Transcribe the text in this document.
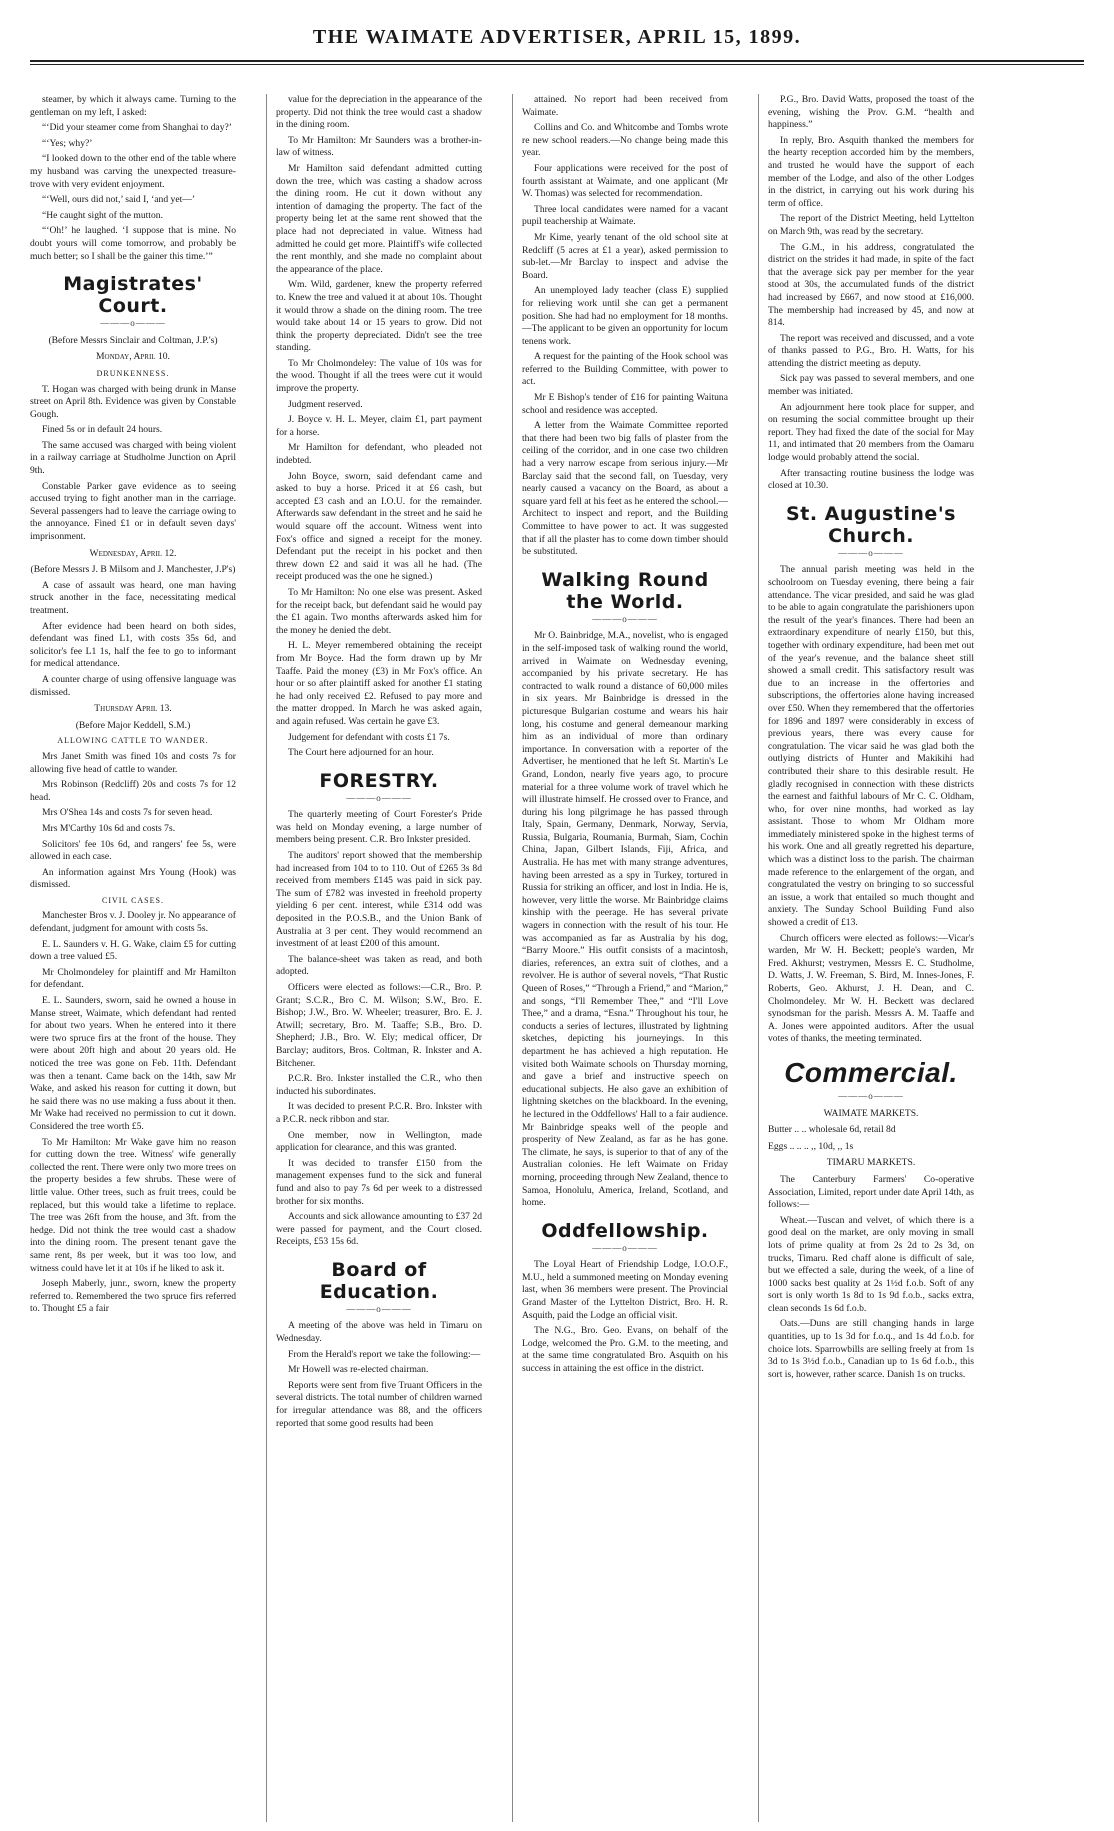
THE WAIMATE ADVERTISER, APRIL 15, 1899.

steamer, by which it always came. Turning to the gentleman on my left, I asked:

“‘Did your steamer come from Shanghai to day?’

“‘Yes; why?’

“I looked down to the other end of the table where my husband was carving the unexpected treasure-trove with very evident enjoyment.

“‘Well, ours did not,’ said I, ‘and yet—’

“He caught sight of the mutton.

“‘Oh!’ he laughed. ‘I suppose that is mine. No doubt yours will come tomorrow, and probably be much better; so I shall be the gainer this time.’”

Magistrates' Court.
———o———

(Before Messrs Sinclair and Coltman, J.P.'s)

Monday, April 10.

DRUNKENNESS.

T. Hogan was charged with being drunk in Manse street on April 8th. Evidence was given by Constable Gough.

Fined 5s or in default 24 hours.

The same accused was charged with being violent in a railway carriage at Studholme Junction on April 9th.

Constable Parker gave evidence as to seeing accused trying to fight another man in the carriage. Several passengers had to leave the carriage owing to the annoyance. Fined £1 or in default seven days' imprisonment.

Wednesday, April 12.

(Before Messrs J. B Milsom and J. Manchester, J.P's)

A case of assault was heard, one man having struck another in the face, necessitating medical treatment.

After evidence had been heard on both sides, defendant was fined L1, with costs 35s 6d, and solicitor's fee L1 1s, half the fee to go to informant for medical attendance.

A counter charge of using offensive language was dismissed.

Thursday April 13.

(Before Major Keddell, S.M.)

ALLOWING CATTLE TO WANDER.

Mrs Janet Smith was fined 10s and costs 7s for allowing five head of cattle to wander.

Mrs Robinson (Redcliff) 20s and costs 7s for 12 head.

Mrs O'Shea 14s and costs 7s for seven head.

Mrs M'Carthy 10s 6d and costs 7s.

Solicitors' fee 10s 6d, and rangers' fee 5s, were allowed in each case.

An information against Mrs Young (Hook) was dismissed.

CIVIL CASES.

Manchester Bros v. J. Dooley jr. No appearance of defendant, judgment for amount with costs 5s.

E. L. Saunders v. H. G. Wake, claim £5 for cutting down a tree valued £5.

Mr Cholmondeley for plaintiff and Mr Hamilton for defendant.

E. L. Saunders, sworn, said he owned a house in Manse street, Waimate, which defendant had rented for about two years. When he entered into it there were two spruce firs at the front of the house. They were about 20ft high and about 20 years old. He noticed the tree was gone on Feb. 11th. Defendant was then a tenant. Came back on the 14th, saw Mr Wake, and asked his reason for cutting it down, but he said there was no use making a fuss about it then. Mr Wake had received no permission to cut it down. Considered the tree worth £5.

To Mr Hamilton: Mr Wake gave him no reason for cutting down the tree. Witness' wife generally collected the rent. There were only two more trees on the property besides a few shrubs. These were of little value. Other trees, such as fruit trees, could be replaced, but this would take a lifetime to replace. The tree was 26ft from the house, and 3ft. from the hedge. Did not think the tree would cast a shadow into the dining room. The present tenant gave the same rent, 8s per week, but it was too low, and witness could have let it at 10s if he liked to ask it.

Joseph Maberly, junr., sworn, knew the property referred to. Remembered the two spruce firs referred to. Thought £5 a fair

value for the depreciation in the appearance of the property. Did not think the tree would cast a shadow in the dining room.

To Mr Hamilton: Mr Saunders was a brother-in-law of witness.

Mr Hamilton said defendant admitted cutting down the tree, which was casting a shadow across the dining room. He cut it down without any intention of damaging the property. The fact of the property being let at the same rent showed that the place had not depreciated in value. Witness had admitted he could get more. Plaintiff's wife collected the rent monthly, and she made no complaint about the appearance of the place.

Wm. Wild, gardener, knew the property referred to. Knew the tree and valued it at about 10s. Thought it would throw a shade on the dining room. The tree would take about 14 or 15 years to grow. Did not think the property depreciated. Didn't see the tree standing.

To Mr Cholmondeley: The value of 10s was for the wood. Thought if all the trees were cut it would improve the property.

Judgment reserved.

J. Boyce v. H. L. Meyer, claim £1, part payment for a horse.

Mr Hamilton for defendant, who pleaded not indebted.

John Boyce, sworn, said defendant came and asked to buy a horse. Priced it at £6 cash, but accepted £3 cash and an I.O.U. for the remainder. Afterwards saw defendant in the street and he said he would square off the account. Witness went into Fox's office and signed a receipt for the money. Defendant put the receipt in his pocket and then threw down £2 and said it was all he had. (The receipt produced was the one he signed.)

To Mr Hamilton: No one else was present. Asked for the receipt back, but defendant said he would pay the £1 again. Two months afterwards asked him for the money he denied the debt.

H. L. Meyer remembered obtaining the receipt from Mr Boyce. Had the form drawn up by Mr Taaffe. Paid the money (£3) in Mr Fox's office. An hour or so after plaintiff asked for another £1 stating he had only received £2. Refused to pay more and the matter dropped. In March he was asked again, and again refused. Was certain he gave £3.

Judgement for defendant with costs £1 7s.

The Court here adjourned for an hour.

FORESTRY.
———o———

The quarterly meeting of Court Forester's Pride was held on Monday evening, a large number of members being present. C.R. Bro Inkster presided.

The auditors' report showed that the membership had increased from 104 to to 110. Out of £265 3s 8d received from members £145 was paid in sick pay. The sum of £782 was invested in freehold property yielding 6 per cent. interest, while £314 odd was deposited in the P.O.S.B., and the Union Bank of Australia at 3 per cent. They would recommend an investment of at least £200 of this amount.

The balance-sheet was taken as read, and both adopted.

Officers were elected as follows:—C.R., Bro. P. Grant; S.C.R., Bro C. M. Wilson; S.W., Bro. E. Bishop; J.W., Bro. W. Wheeler; treasurer, Bro. E. J. Atwill; secretary, Bro. M. Taaffe; S.B., Bro. D. Shepherd; J.B., Bro. W. Ely; medical officer, Dr Barclay; auditors, Bros. Coltman, R. Inkster and A. Bitchener.

P.C.R. Bro. Inkster installed the C.R., who then inducted his subordinates.

It was decided to present P.C.R. Bro. Inkster with a P.C.R. neck ribbon and star.

One member, now in Wellington, made application for clearance, and this was granted.

It was decided to transfer £150 from the management expenses fund to the sick and funeral fund and also to pay 7s 6d per week to a distressed brother for six months.

Accounts and sick allowance amounting to £37 2d were passed for payment, and the Court closed. Receipts, £53 15s 6d.

Board of Education.
———o———

A meeting of the above was held in Timaru on Wednesday.

From the Herald's report we take the following:—

Mr Howell was re-elected chairman.

Reports were sent from five Truant Officers in the several districts. The total number of children warned for irregular attendance was 88, and the officers reported that some good results had been

attained. No report had been received from Waimate.

Collins and Co. and Whitcombe and Tombs wrote re new school readers.—No change being made this year.

Four applications were received for the post of fourth assistant at Waimate, and one applicant (Mr W. Thomas) was selected for recommendation.

Three local candidates were named for a vacant pupil teachership at Waimate.

Mr Kime, yearly tenant of the old school site at Redcliff (5 acres at £1 a year), asked permission to sub-let.—Mr Barclay to inspect and advise the Board.

An unemployed lady teacher (class E) supplied for relieving work until she can get a permanent position. She had had no employment for 18 months.—The applicant to be given an opportunity for locum tenens work.

A request for the painting of the Hook school was referred to the Building Committee, with power to act.

Mr E Bishop's tender of £16 for painting Waituna school and residence was accepted.

A letter from the Waimate Committee reported that there had been two big falls of plaster from the ceiling of the corridor, and in one case two children had a very narrow escape from serious injury.—Mr Barclay said that the second fall, on Tuesday, very nearly caused a vacancy on the Board, as about a square yard fell at his feet as he entered the school.—Architect to inspect and report, and the Building Committee to have power to act. It was suggested that if all the plaster has to come down timber should be substituted.

Walking Round the World.
———o———

Mr O. Bainbridge, M.A., novelist, who is engaged in the self-imposed task of walking round the world, arrived in Waimate on Wednesday evening, accompanied by his private secretary. He has contracted to walk round a distance of 60,000 miles in six years. Mr Bainbridge is dressed in the picturesque Bulgarian costume and wears his hair long, his costume and general demeanour marking him as an individual of more than ordinary importance. In conversation with a reporter of the Advertiser, he mentioned that he left St. Martin's Le Grand, London, nearly five years ago, to procure material for a three volume work of travel which he will illustrate himself. He crossed over to France, and during his long pilgrimage he has passed through Italy, Spain, Germany, Denmark, Norway, Servia, Russia, Bulgaria, Roumania, Burmah, Siam, Cochin China, Japan, Gilbert Islands, Fiji, Africa, and Australia. He has met with many strange adventures, having been arrested as a spy in Turkey, tortured in Russia for striking an officer, and lost in India. He is, however, very little the worse. Mr Bainbridge claims kinship with the peerage. He has several private wagers in connection with the result of his tour. He was accompanied as far as Australia by his dog, “Barry Moore.” His outfit consists of a macintosh, diaries, references, an extra suit of clothes, and a revolver. He is author of several novels, “That Rustic Queen of Roses,” “Through a Friend,” and “Marion,” and songs, “I'll Remember Thee,” and “I'll Love Thee,” and a drama, “Esna.” Throughout his tour, he conducts a series of lectures, illustrated by lightning sketches, depicting his journeyings. In this department he has achieved a high reputation. He visited both Waimate schools on Thursday morning, and gave a brief and instructive speech on educational subjects. He also gave an exhibition of lightning sketches on the blackboard. In the evening, he lectured in the Oddfellows' Hall to a fair audience. Mr Bainbridge speaks well of the people and prosperity of New Zealand, as far as he has gone. The climate, he says, is superior to that of any of the Australian colonies. He left Waimate on Friday morning, proceeding through New Zealand, thence to Samoa, Honolulu, America, Ireland, Scotland, and home.

Oddfellowship.
———o———

The Loyal Heart of Friendship Lodge, I.O.O.F., M.U., held a summoned meeting on Monday evening last, when 36 members were present. The Provincial Grand Master of the Lyttelton District, Bro. H. R. Asquith, paid the Lodge an official visit.

The N.G., Bro. Geo. Evans, on behalf of the Lodge, welcomed the Pro. G.M. to the meeting, and at the same time congratulated Bro. Asquith on his success in attaining the est office in the district.

P.G., Bro. David Watts, proposed the toast of the evening, wishing the Prov. G.M. “health and happiness.”

In reply, Bro. Asquith thanked the members for the hearty reception accorded him by the members, and trusted he would have the support of each member of the Lodge, and also of the other Lodges in the district, in carrying out his work during his term of office.

The report of the District Meeting, held Lyttelton on March 9th, was read by the secretary.

The G.M., in his address, congratulated the district on the strides it had made, in spite of the fact that the average sick pay per member for the year stood at 30s, the accumulated funds of the district had increased by £667, and now stood at £16,000. The membership had increased by 45, and now at 814.

The report was received and discussed, and a vote of thanks passed to P.G., Bro. H. Watts, for his attending the district meeting as deputy.

Sick pay was passed to several members, and one member was initiated.

An adjournment here took place for supper, and on resuming the social committee brought up their report. They had fixed the date of the social for May 11, and intimated that 20 members from the Oamaru lodge would probably attend the social.

After transacting routine business the lodge was closed at 10.30.

St. Augustine's Church.
———o———

The annual parish meeting was held in the schoolroom on Tuesday evening, there being a fair attendance. The vicar presided, and said he was glad to be able to again congratulate the parishioners upon the result of the year's finances. There had been an extraordinary expenditure of nearly £150, but this, together with ordinary expenditure, had been met out of the year's revenue, and the balance sheet still showed a small credit. This satisfactory result was due to an increase in the offertories and subscriptions, the offertories alone having increased over £50. When they remembered that the offertories for 1896 and 1897 were considerably in excess of previous years, there was every cause for congratulation. The vicar said he was glad both the outlying districts of Hunter and Makikihi had contributed their share to this desirable result. He gladly recognised in connection with these districts the earnest and faithful labours of Mr C. C. Oldham, who, for over nine months, had worked as lay assistant. Those to whom Mr Oldham more immediately ministered spoke in the highest terms of his work. One and all greatly regretted his departure, which was a distinct loss to the parish. The chairman made reference to the enlargement of the organ, and congratulated the vestry on bringing to so successful an issue, a work that entailed so much thought and anxiety. The Sunday School Building Fund also showed a credit of £13.

Church officers were elected as follows:—Vicar's warden, Mr W. H. Beckett; people's warden, Mr Fred. Akhurst; vestrymen, Messrs E. C. Studholme, D. Watts, J. W. Freeman, S. Bird, M. Innes-Jones, F. Roberts, Geo. Akhurst, J. H. Dean, and C. Cholmondeley. Mr W. H. Beckett was declared synodsman for the parish. Messrs A. M. Taaffe and A. Jones were appointed auditors. After the usual votes of thanks, the meeting terminated.

Commercial.
———o———

WAIMATE MARKETS.

Butter .. .. wholesale 6d, retail 8d

Eggs .. .. .. ,, 10d, ,, 1s

TIMARU MARKETS.

The Canterbury Farmers' Co-operative Association, Limited, report under date April 14th, as follows:—

Wheat.—Tuscan and velvet, of which there is a good deal on the market, are only moving in small lots of prime quality at from 2s 2d to 2s 3d, on trucks, Timaru. Red chaff alone is difficult of sale, but we effected a sale, during the week, of a line of 1000 sacks best quality at 2s 1½d f.o.b. Soft of any sort is only worth 1s 8d to 1s 9d f.o.b., sacks extra, clean seconds 1s 6d f.o.b.

Oats.—Duns are still changing hands in large quantities, up to 1s 3d for f.o.q., and 1s 4d f.o.b. for choice lots. Sparrowbills are selling freely at from 1s 3d to 1s 3½d f.o.b., Canadian up to 1s 6d f.o.b., this sort is, however, rather scarce. Danish 1s on trucks.
